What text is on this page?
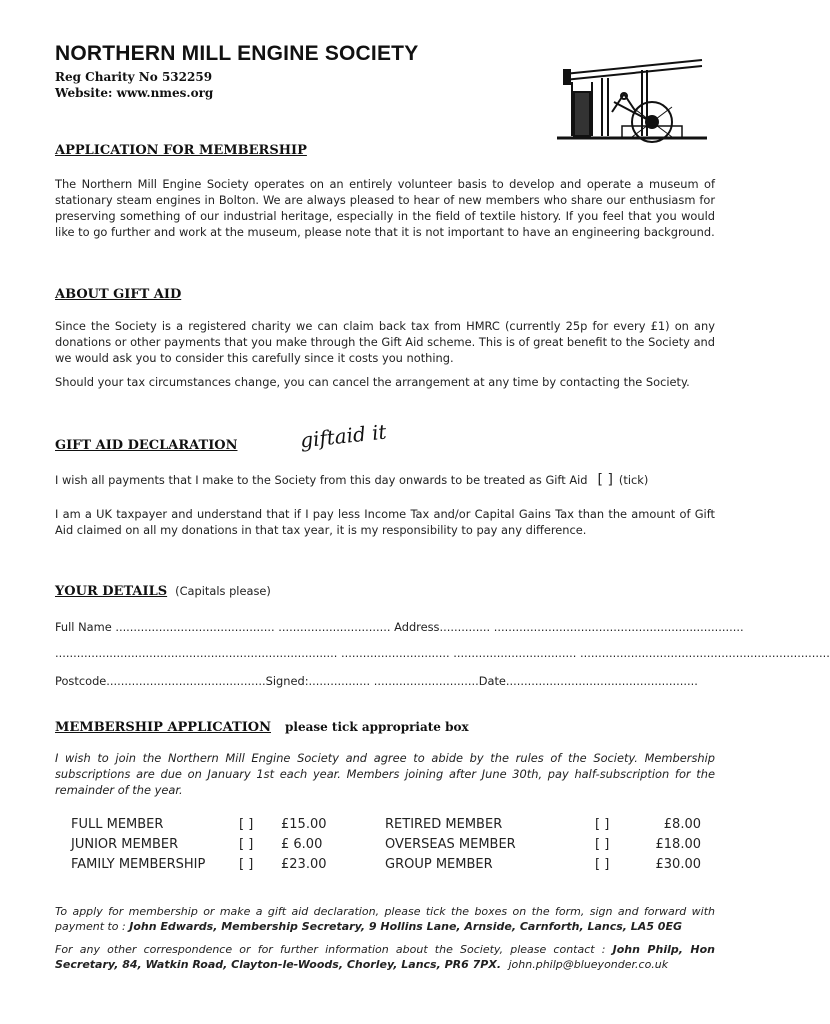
NORTHERN MILL ENGINE SOCIETY
Reg Charity No 532259
Website: www.nmes.org
APPLICATION FOR MEMBERSHIP

The Northern Mill Engine Society operates on an entirely volunteer basis to develop and operate a museum of stationary steam engines in Bolton. We are always pleased to hear of new members who share our enthusiasm for preserving something of our industrial heritage, especially in the field of textile history. If you feel that you would like to go further and work at the museum, please note that it is not important to have an engineering background.

ABOUT GIFT AID

Since the Society is a registered charity we can claim back tax from HMRC (currently 25p for every £1) on any donations or other payments that you make through the Gift Aid scheme. This is of great benefit to the Society and we would ask you to consider this carefully since it costs you nothing.

Should your tax circumstances change, you can cancel the arrangement at any time by contacting the Society.

GIFT AID DECLARATION	giftaid it
I wish all payments that I make to the Society from this day onwards to be treated as Gift Aid [ ] (tick)

I am a UK taxpayer and understand that if I pay less Income Tax and/or Capital Gains Tax than the amount of Gift Aid claimed on all my donations in that tax year, it is my responsibility to pay any difference.

YOUR DETAILS (Capitals please)
Full Name ............................................ ............................... Address.............. .....................................................................
.............................................................................. .............................. .................................. .....................................................................
Postcode............................................Signed:................. .............................Date.....................................................
MEMBERSHIP APPLICATION please tick appropriate box

I wish to join the Northern Mill Engine Society and agree to abide by the rules of the Society. Membership subscriptions are due on January 1st each year. Members joining after June 30th, pay half-subscription for the remainder of the year.

FULL MEMBER	[ ]	£15.00	RETIRED MEMBER	[ ]	£8.00
JUNIOR MEMBER	[ ]	£ 6.00	OVERSEAS MEMBER	[ ]	£18.00
FAMILY MEMBERSHIP	[ ]	£23.00	GROUP MEMBER	[ ]	£30.00

To apply for membership or make a gift aid declaration, please tick the boxes on the form, sign and forward with payment to : John Edwards, Membership Secretary, 9 Hollins Lane, Arnside, Carnforth, Lancs, LA5 0EG

For any other correspondence or for further information about the Society, please contact : John Philp, Hon Secretary, 84, Watkin Road, Clayton-le-Woods, Chorley, Lancs, PR6 7PX. john.philp@blueyonder.co.uk
